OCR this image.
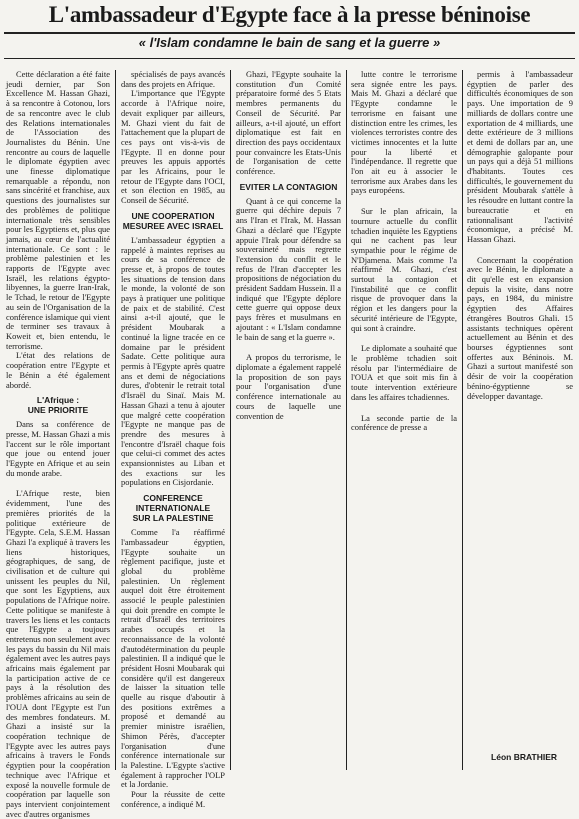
L'ambassadeur d'Egypte face à la presse béninoise
« l'Islam condamne le bain de sang et la guerre »

Cette déclaration a été faite jeudi dernier, par Son Excellence M. Hassan Ghazi, à sa rencontre à Cotonou, lors de sa rencontre avec le club des Relations internationales de l'Association des Journalistes du Bénin. Une rencontre au cours de laquelle le diplomate égyptien avec une finesse diplomatique remarquable a répondu, non sans sincérité et franchise, aux questions des journalistes sur des problèmes de politique internationale très sensibles pour les Egyptiens et, plus que jamais, au cœur de l'actualité internationale. Ce sont : le problème palestinien et les rapports de l'Egypte avec Israël, les relations égypto-libyennes, la guerre Iran-Irak, le Tchad, le retour de l'Egypte au sein de l'Organisation de la conférence islamique qui vient de terminer ses travaux à Koweit et, bien entendu, le terrorisme.

L'état des relations de coopération entre l'Egypte et le Bénin a été également abordé.

L'Afrique :
UNE PRIORITE

Dans sa conférence de presse, M. Hassan Ghazi a mis l'accent sur le rôle important que joue ou entend jouer l'Egypte en Afrique et au sein du monde arabe.

L'Afrique reste, bien évidemment, l'une des premières priorités de la politique extérieure de l'Egypte. Cela, S.E.M. Hassan Ghazi l'a expliqué à travers les liens historiques, géographiques, de sang, de civilisation et de culture qui unissent les peuples du Nil, que sont les Egyptiens, aux populations de l'Afrique noire. Cette politique se manifeste à travers les liens et les contacts que l'Egypte a toujours entretenus non seulement avec les pays du bassin du Nil mais également avec les autres pays africains mais également par la participation active de ce pays à la résolution des problèmes africains au sein de l'OUA dont l'Egypte est l'un des membres fondateurs. M. Ghazi a insisté sur la coopération technique de l'Egypte avec les autres pays africains à travers le Fonds égyptien pour la coopération technique avec l'Afrique et exposé la nouvelle formule de coopération par laquelle son pays intervient conjointement avec d'autres organismes

spécialisés de pays avancés dans des projets en Afrique.

L'importance que l'Egypte accorde à l'Afrique noire, devait expliquer par ailleurs, M. Ghazi vient du fait de l'attachement que la plupart de ces pays ont vis-à-vis de l'Egypte. Il en donne pour preuves les appuis apportés par les Africains, pour le retour de l'Egypte dans l'OCI, et son élection en 1985, au Conseil de Sécurité.

UNE COOPERATION
MESUREE AVEC ISRAEL

L'ambassadeur égyptien a rappelé à maintes reprises au cours de sa conférence de presse et, à propos de toutes les situations de tension dans le monde, la volonté de son pays à pratiquer une politique de paix et de stabilité. C'est ainsi a-t-il ajouté, que le président Moubarak a continué la ligne tracée en ce domaine par le président Sadate. Cette politique aura permis à l'Egypte après quatre ans et demi de négociations dures, d'obtenir le retrait total d'Israël du Sinaï. Mais M. Hassan Ghazi a tenu à ajouter que malgré cette coopération l'Egypte ne manque pas de prendre des mesures à l'encontre d'Israël chaque fois que celui-ci commet des actes expansionnistes au Liban et des exactions sur les populations en Cisjordanie.

CONFERENCE
INTERNATIONALE
SUR LA PALESTINE

Comme l'a réaffirmé l'ambassadeur égyptien, l'Egypte souhaite un règlement pacifique, juste et global du problème palestinien. Un règlement auquel doit être étroitement associé le peuple palestinien qui doit prendre en compte le retrait d'Israël des territoires arabes occupés et la reconnaissance de la volonté d'autodétermination du peuple palestinien. Il a indiqué que le président Hosni Moubarak qui considère qu'il est dangereux de laisser la situation telle quelle au risque d'aboutir à des positions extrêmes a proposé et demandé au premier ministre israélien, Shimon Pérès, d'accepter l'organisation d'une conférence internationale sur la Palestine. L'Egypte s'active également à rapprocher l'OLP et la Jordanie.

Pour la réussite de cette conférence, a indiqué M.

Ghazi, l'Egypte souhaite la constitution d'un Comité préparatoire formé des 5 Etats membres permanents du Conseil de Sécurité. Par ailleurs, a-t-il ajouté, un effort diplomatique est fait en direction des pays occidentaux pour convaincre les Etats-Unis de l'organisation de cette conférence.

EVITER LA CONTAGION

Quant à ce qui concerne la guerre qui déchire depuis 7 ans l'Iran et l'Irak, M. Hassan Ghazi a déclaré que l'Egypte appuie l'Irak pour défendre sa souveraineté mais regrette l'extension du conflit et le refus de l'Iran d'accepter les propositions de négociation du président Saddam Hussein. Il a indiqué que l'Egypte déplore cette guerre qui oppose deux pays frères et musulmans en ajoutant : « L'Islam condamne le bain de sang et la guerre ».

A propos du terrorisme, le diplomate a également rappelé la proposition de son pays pour l'organisation d'une conférence internationale au cours de laquelle une convention de

lutte contre le terrorisme sera signée entre les pays. Mais M. Ghazi a déclaré que l'Egypte condamne le terrorisme en faisant une distinction entre les crimes, les violences terroristes contre des victimes innocentes et la lutte pour la liberté et l'indépendance. Il regrette que l'on ait eu à associer le terrorisme aux Arabes dans les pays européens.

Sur le plan africain, la tournure actuelle du conflit tchadien inquiète les Egyptiens qui ne cachent pas leur sympathie pour le régime de N'Djamena. Mais comme l'a réaffirmé M. Ghazi, c'est surtout la contagion et l'instabilité que ce conflit risque de provoquer dans la région et les dangers pour la sécurité intérieure de l'Egypte, qui sont à craindre.

Le diplomate a souhaité que le problème tchadien soit résolu par l'intermédiaire de l'OUA et que soit mis fin à toute intervention extérieure dans les affaires tchadiennes.

La seconde partie de la conférence de presse a

permis à l'ambassadeur égyptien de parler des difficultés économiques de son pays. Une importation de 9 milliards de dollars contre une exportation de 4 milliards, une dette extérieure de 3 millions et demi de dollars par an, une démographie galopante pour un pays qui a déjà 51 millions d'habitants. Toutes ces difficultés, le gouvernement du président Moubarak s'attèle à les résoudre en luttant contre la bureaucratie et en rationnalisant l'activité économique, a précisé M. Hassan Ghazi.

Concernant la coopération avec le Bénin, le diplomate a dit qu'elle est en expansion depuis la visite, dans notre pays, en 1984, du ministre égyptien des Affaires étrangères Boutros Ghali. 15 assistants techniques opèrent actuellement au Bénin et des bourses égyptiennes sont offertes aux Béninois. M. Ghazi a surtout manifesté son désir de voir la coopération bénino-égyptienne se développer davantage.

Léon BRATHIER
